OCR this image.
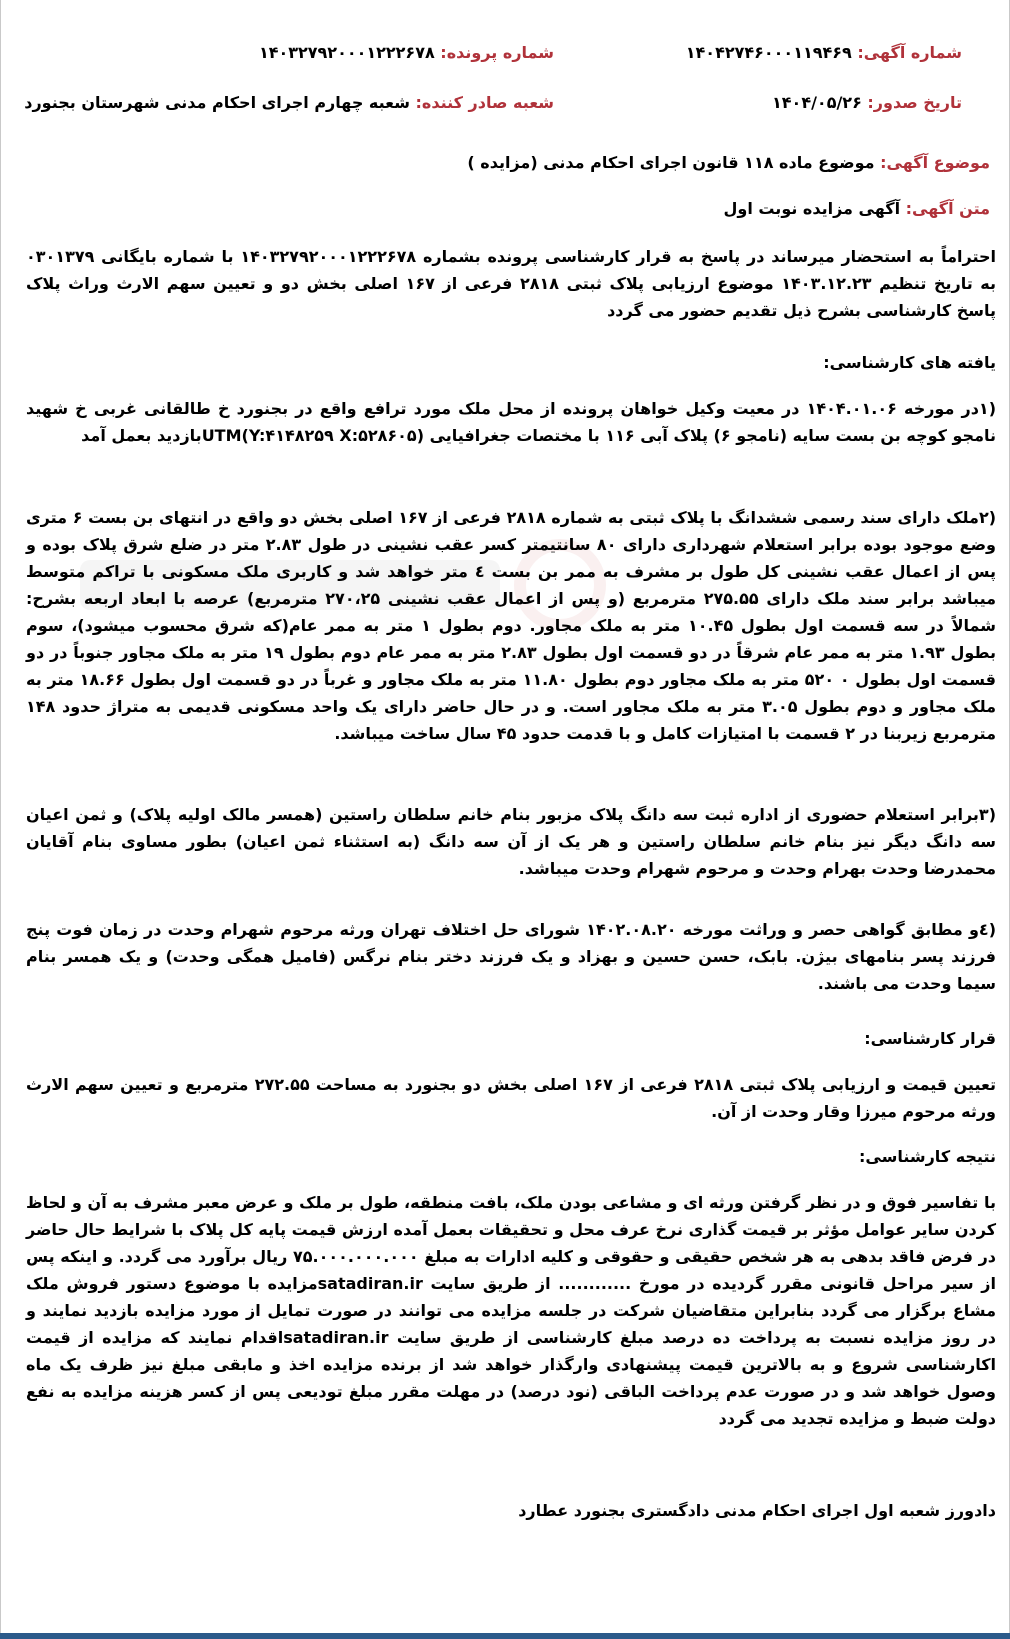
شماره آگهی: ۱۴۰۴۲۷۴۶۰۰۰۱۱۹۴۶۹
شماره پرونده: ۱۴۰۳۲۷۹۲۰۰۰۱۲۲۲۶۷۸
تاریخ صدور: ۱۴۰۴/۰۵/۲۶
شعبه صادر کننده: شعبه چهارم اجرای احکام مدنی شهرستان بجنورد
موضوع آگهی: موضوع ماده ۱۱۸ قانون اجرای احکام مدنی (مزایده )
متن آگهی: آگهی مزایده نوبت اول
احتراماً به استحضار میرساند در پاسخ به قرار کارشناسی پرونده بشماره ۱۴۰۳۲۷۹۲۰۰۰۱۲۲۲۶۷۸ با شماره بایگانی ۰۳۰۱۳۷۹ به تاریخ تنظیم ۱۴۰۳.۱۲.۲۳ موضوع ارزیابی پلاک ثبتی ۲۸۱۸ فرعی از ۱۶۷ اصلی بخش دو و تعیین سهم الارث وراث پلاک پاسخ کارشناسی بشرح ذیل تقدیم حضور می گردد
یافته های کارشناسی:
(۱در مورخه ۱۴۰۴.۰۱.۰۶ در معیت وکیل خواهان پرونده از محل ملک مورد ترافع واقع در بجنورد خ طالقانی غربی خ شهید نامجو کوچه بن بست سایه (نامجو ۶) پلاک آبی ۱۱۶ با مختصات جغرافیایی (Y:۴۱۴۸۲۵۹ X:۵۲۸۶۰۵)UTMبازدید بعمل آمد
(۲ملک دارای سند رسمی ششدانگ با پلاک ثبتی به شماره ۲۸۱۸ فرعی از ۱۶۷ اصلی بخش دو واقع در انتهای بن بست ۶ متری وضع موجود بوده برابر استعلام شهرداری دارای ۸۰ سانتیمتر کسر عقب نشینی در طول ۲.۸۳ متر در ضلع شرق پلاک بوده و پس از اعمال عقب نشینی کل طول بر مشرف به ممر بن بست ٤ متر خواهد شد و کاربری ملک مسکونی با تراکم متوسط میباشد برابر سند ملک دارای ۲۷۵.۵۵ مترمربع (و پس از اعمال عقب نشینی ۲۷۰،۲۵ مترمربع) عرصه با ابعاد اربعه بشرح: شمالاً در سه قسمت اول بطول ۱۰.۴۵ متر به ملک مجاور. دوم بطول ۱ متر به ممر عام(که شرق محسوب میشود)، سوم بطول ۱.۹۳ متر به ممر عام شرقاً در دو قسمت اول بطول ۲.۸۳ متر به ممر عام دوم بطول ۱۹ متر به ملک مجاور جنوباً در دو قسمت اول بطول ۰ ۵۲۰ متر به ملک مجاور دوم بطول ۱۱.۸۰ متر به ملک مجاور و غرباً در دو قسمت اول بطول ۱۸.۶۶ متر به ملک مجاور و دوم بطول ۳.۰۵ متر به ملک مجاور است. و در حال حاضر دارای یک واحد مسکونی قدیمی به متراژ حدود ۱۴۸ مترمربع زیربنا در ۲ قسمت با امتیازات کامل و با قدمت حدود ۴۵ سال ساخت میباشد.
(۳برابر استعلام حضوری از اداره ثبت سه دانگ پلاک مزبور بنام خانم سلطان راستین (همسر مالک اولیه پلاک) و ثمن اعیان سه دانگ دیگر نیز بنام خانم سلطان راستین و هر یک از آن سه دانگ (به استثناء ثمن اعیان) بطور مساوی بنام آقایان محمدرضا وحدت بهرام وحدت و مرحوم شهرام وحدت میباشد.
(٤و مطابق گواهی حصر و وراثت مورخه ۱۴۰۲.۰۸.۲۰ شورای حل اختلاف تهران ورثه مرحوم شهرام وحدت در زمان فوت پنج فرزند پسر بنامهای بیژن. بابک، حسن حسین و بهزاد و یک فرزند دختر بنام نرگس (فامیل همگی وحدت) و یک همسر بنام سیما وحدت می باشند.
قرار کارشناسی:
تعیین قیمت و ارزیابی پلاک ثبتی ۲۸۱۸ فرعی از ۱۶۷ اصلی بخش دو بجنورد به مساحت ۲۷۲.۵۵ مترمربع و تعیین سهم الارث ورثه مرحوم میرزا وقار وحدت از آن.
نتیجه کارشناسی:
با تفاسیر فوق و در نظر گرفتن ورثه ای و مشاعی بودن ملک، بافت منطقه، طول بر ملک و عرض معبر مشرف به آن و لحاظ کردن سایر عوامل مؤثر بر قیمت گذاری نرخ عرف محل و تحقیقات بعمل آمده ارزش قیمت پایه کل پلاک با شرایط حال حاضر در فرض فاقد بدهی به هر شخص حقیقی و حقوقی و کلیه ادارات به مبلغ ۷۵.۰۰۰.۰۰۰.۰۰۰ ریال برآورد می گردد. و اینکه پس از سیر مراحل قانونی مقرر گردیده در مورخ ............ از طریق سایت satadiran.irمزایده با موضوع دستور فروش ملک مشاع برگزار می گردد بنابراین متقاضیان شرکت در جلسه مزایده می توانند در صورت تمایل از مورد مزایده بازدید نمایند و در روز مزایده نسبت به پرداخت ده درصد مبلغ کارشناسی از طریق سایت satadiran.irاقدام نمایند که مزایده از قیمت اکارشناسی شروع و به بالاترین قیمت پیشنهادی وارگذار خواهد شد از برنده مزایده اخذ و مابقی مبلغ نیز ظرف یک ماه وصول خواهد شد و در صورت عدم پرداخت الباقی (نود درصد) در مهلت مقرر مبلغ تودیعی پس از کسر هزینه مزایده به نفع دولت ضبط و مزایده تجدید می گردد
دادورز شعبه اول اجرای احکام مدنی دادگستری بجنورد عطارد
